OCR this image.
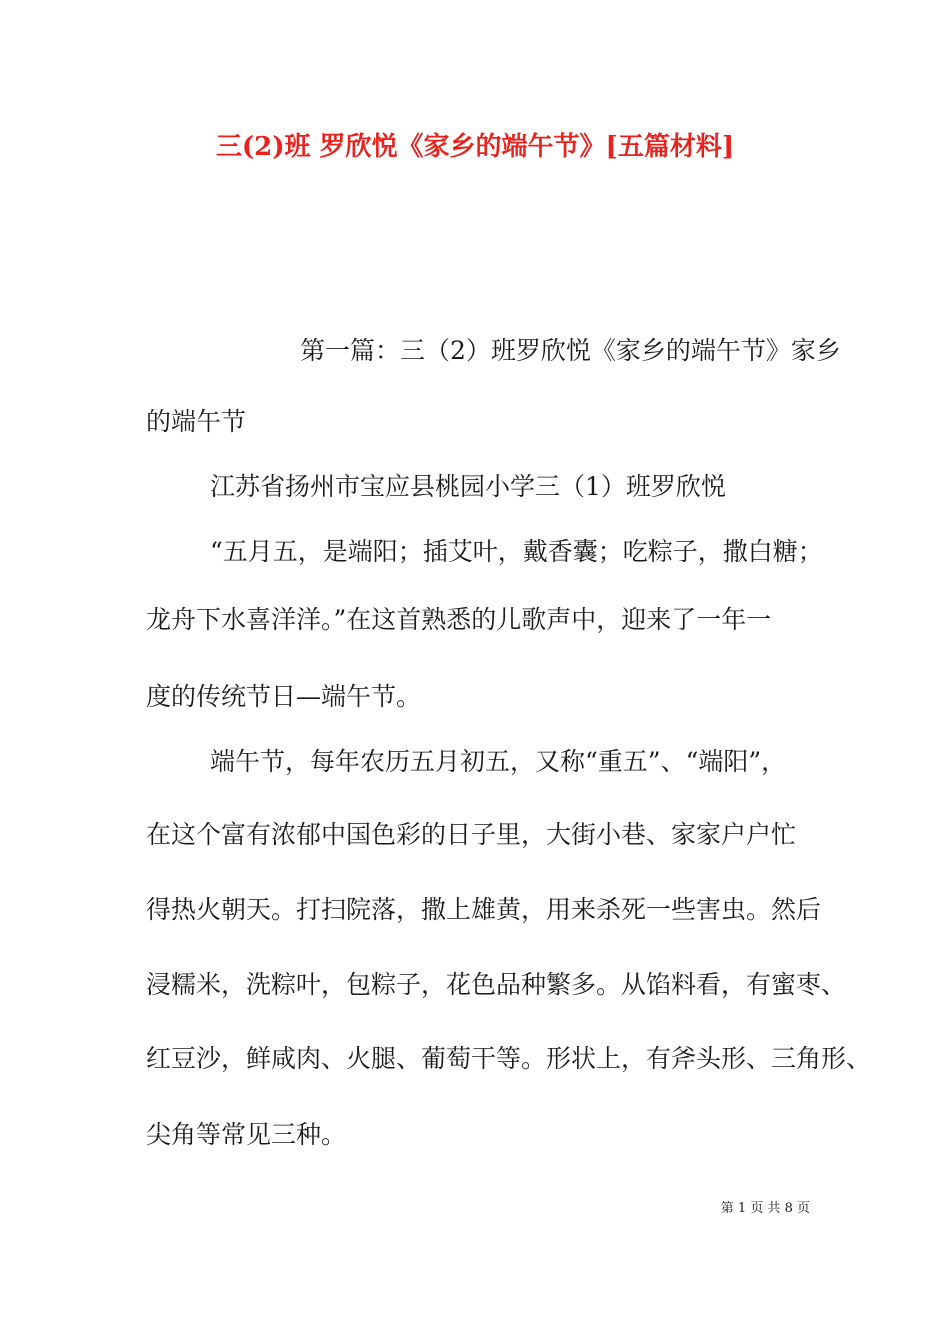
三(2)班 罗欣悦《家乡的端午节》[五篇材料]
第一篇：三（2）班罗欣悦《家乡的端午节》家乡
的端午节
江苏省扬州市宝应县桃园小学三（1）班罗欣悦
“五月五，是端阳；插艾叶，戴香囊；吃粽子，撒白糖；
龙舟下水喜洋洋。”在这首熟悉的儿歌声中，迎来了一年一
度的传统节日—端午节。
端午节，每年农历五月初五，又称“重五”、“端阳”，
在这个富有浓郁中国色彩的日子里，大街小巷、家家户户忙
得热火朝天。打扫院落，撒上雄黄，用来杀死一些害虫。然后
浸糯米，洗粽叶，包粽子，花色品种繁多。从馅料看，有蜜枣、
红豆沙，鲜咸肉、火腿、葡萄干等。形状上，有斧头形、三角形、
尖角等常见三种。
第 1 页 共 8 页
